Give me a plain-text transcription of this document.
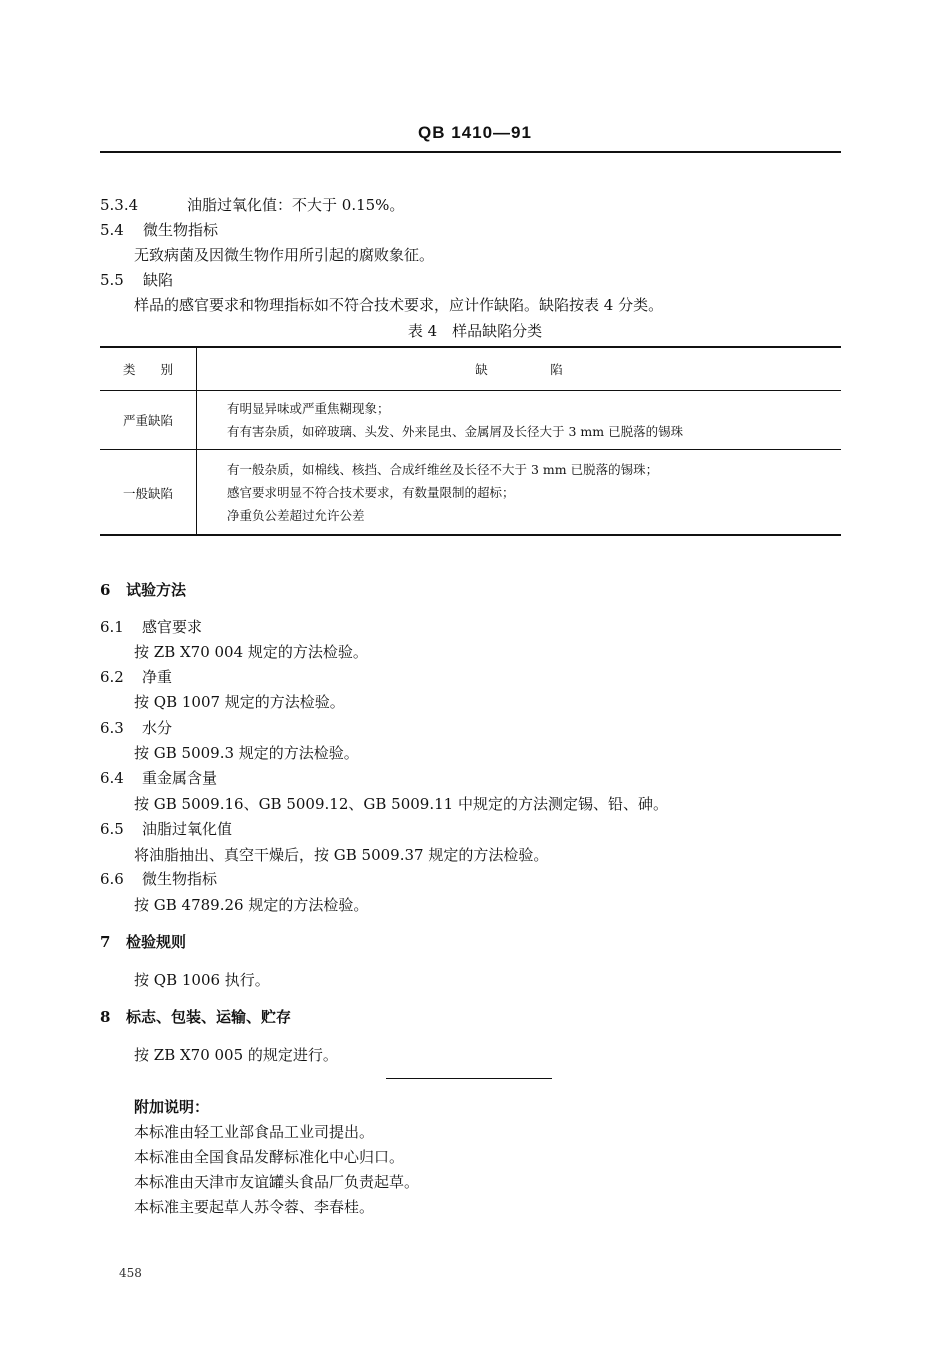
QB 1410—91
5.3.4	油脂过氧化值：不大于 0.15%。
5.4 微生物指标
无致病菌及因微生物作用所引起的腐败象征。
5.5 缺陷
样品的感官要求和物理指标如不符合技术要求，应计作缺陷。缺陷按表 4 分类。
表 4　样品缺陷分类
类　　别	缺　　　　　陷
严重缺陷	有明显异味或严重焦糊现象；
有有害杂质，如碎玻璃、头发、外来昆虫、金属屑及长径大于 3 mm 已脱落的锡珠

一般缺陷	有一般杂质，如棉线、核挡、合成纤维丝及长径不大于 3 mm 已脱落的锡珠；
感官要求明显不符合技术要求，有数量限制的超标；
净重负公差超过允许公差
6 试验方法
6.1 感官要求
按 ZB X70 004 规定的方法检验。
6.2 净重
按 QB 1007 规定的方法检验。
6.3 水分
按 GB 5009.3 规定的方法检验。
6.4 重金属含量
按 GB 5009.16、GB 5009.12、GB 5009.11 中规定的方法测定锡、铅、砷。
6.5 油脂过氧化值
将油脂抽出、真空干燥后，按 GB 5009.37 规定的方法检验。
6.6 微生物指标
按 GB 4789.26 规定的方法检验。
7 检验规则
按 QB 1006 执行。
8 标志、包装、运输、贮存
按 ZB X70 005 的规定进行。
附加说明：
本标准由轻工业部食品工业司提出。
本标准由全国食品发酵标准化中心归口。
本标准由天津市友谊罐头食品厂负责起草。
本标准主要起草人苏令蓉、李春桂。
458
